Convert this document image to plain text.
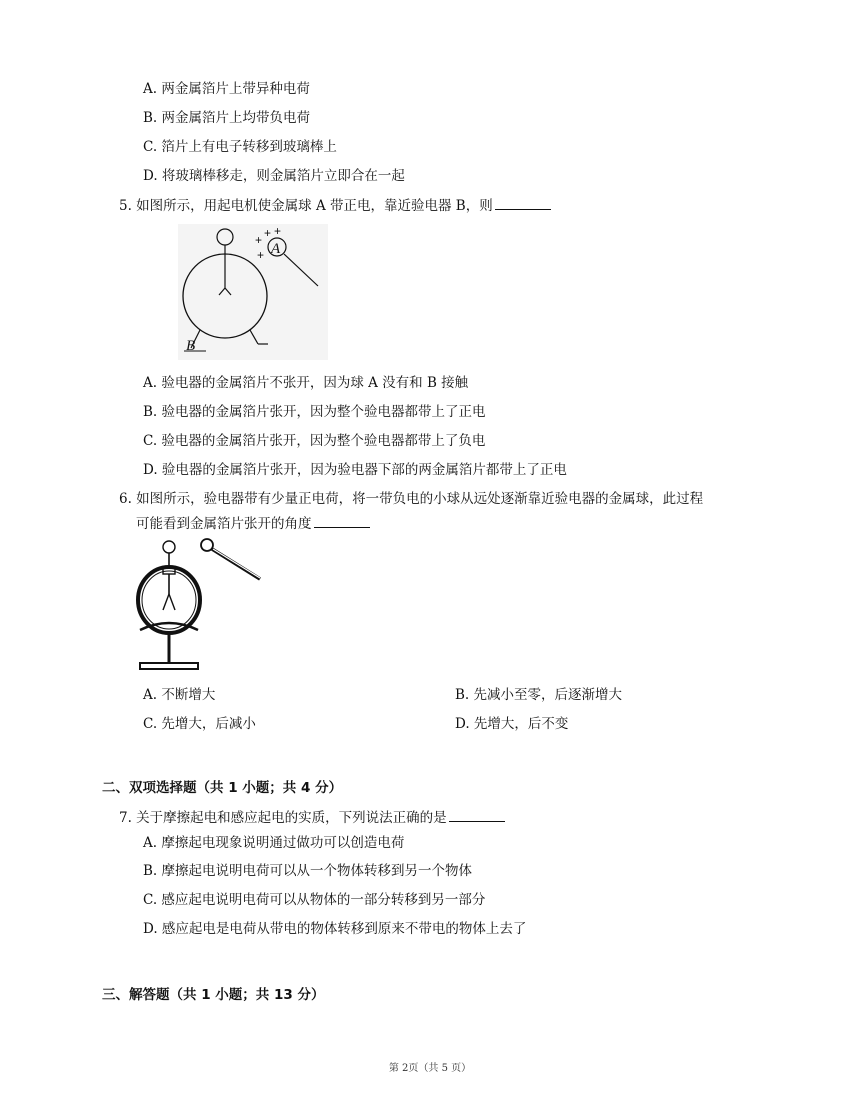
A. 两金属箔片上带异种电荷
B. 两金属箔片上均带负电荷
C. 箔片上有电子转移到玻璃棒上
D. 将玻璃棒移走，则金属箔片立即合在一起
5. 如图所示，用起电机使金属球 A 带正电，靠近验电器 B，则
B
A
+ + +
+
A. 验电器的金属箔片不张开，因为球 A 没有和 B 接触
B. 验电器的金属箔片张开，因为整个验电器都带上了正电
C. 验电器的金属箔片张开，因为整个验电器都带上了负电
D. 验电器的金属箔片张开，因为验电器下部的两金属箔片都带上了正电
6. 如图所示，验电器带有少量正电荷，将一带负电的小球从远处逐渐靠近验电器的金属球，此过程
可能看到金属箔片张开的角度
A. 不断增大	B. 先减小至零，后逐渐增大
C. 先增大，后减小	D. 先增大，后不变
二、双项选择题（共 1 小题；共 4 分）
7. 关于摩擦起电和感应起电的实质，下列说法正确的是
A. 摩擦起电现象说明通过做功可以创造电荷
B. 摩擦起电说明电荷可以从一个物体转移到另一个物体
C. 感应起电说明电荷可以从物体的一部分转移到另一部分
D. 感应起电是电荷从带电的物体转移到原来不带电的物体上去了
三、解答题（共 1 小题；共 13 分）
第 2页（共 5 页）
